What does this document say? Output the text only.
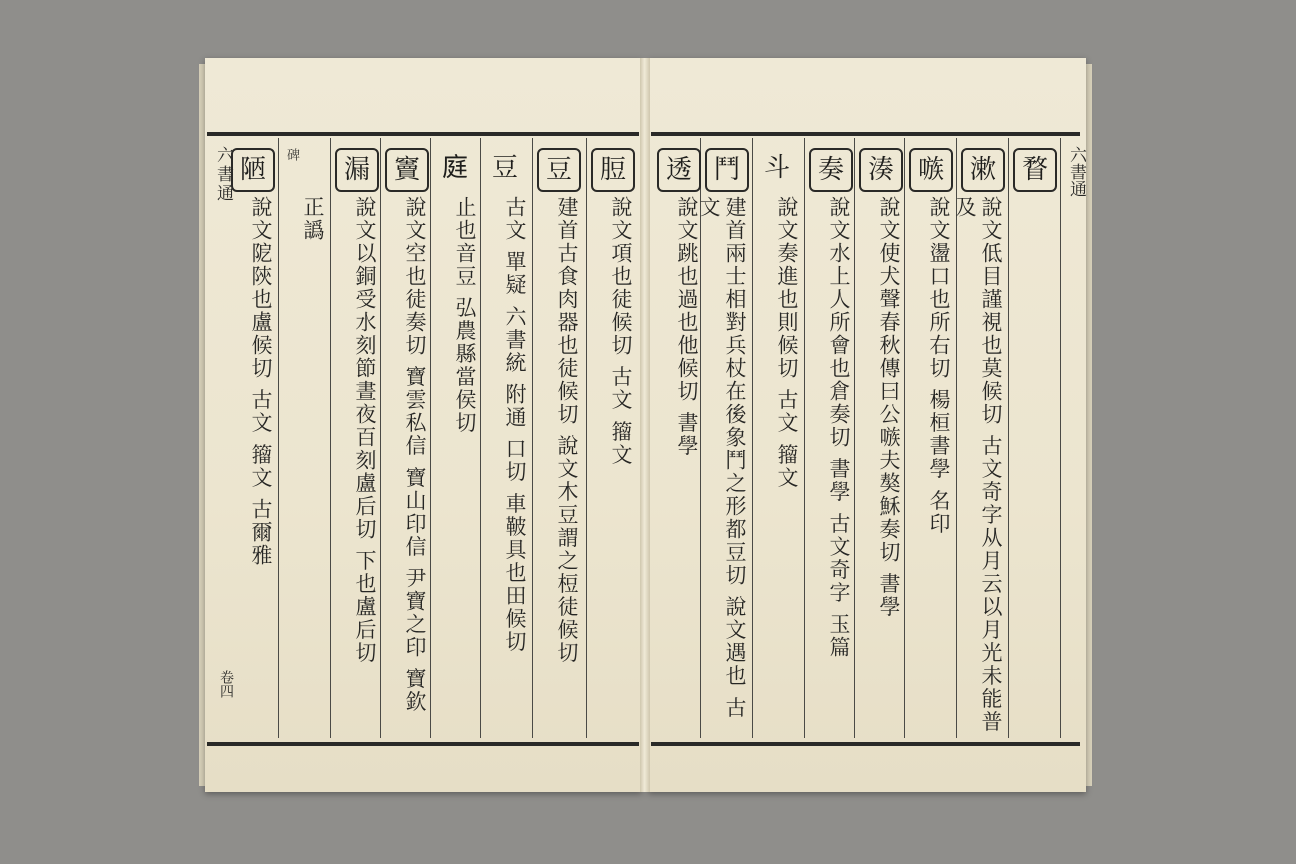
六書通
卷四
六書通
陋
說文阸陝也盧候切 古文 籀文 古爾雅
碑
正譌
漏
說文以銅受水刻節晝夜百刻盧后切 下也盧后切
竇
說文空也徒奏切 寶雲私信 寶山印信 尹寶之印 寶欽
𨓍
止也音豆 弘農縣當侯切
豆
古文 單疑 六書統 附通 口切 車鞁具也田候切
豆
建首古食肉器也徒候切 說文木豆謂之梪徒候切
脰
說文項也徒候切 古文 籀文
透
說文跳也過也他候切 書學
鬥
建首兩士相對兵杖在後象鬥之形都豆切 說文遇也 古文
斗
說文奏進也則候切 古文 籀文
奏
說文水上人所會也倉奏切 書學 古文奇字 玉篇
湊
說文使犬聲春秋傳曰公嗾夫獒穌奏切 書學
嗾
說文盪口也所右切 楊桓書學 名印
漱
說文低目謹視也莫候切 古文奇字从月云以月光未能普及
瞀
